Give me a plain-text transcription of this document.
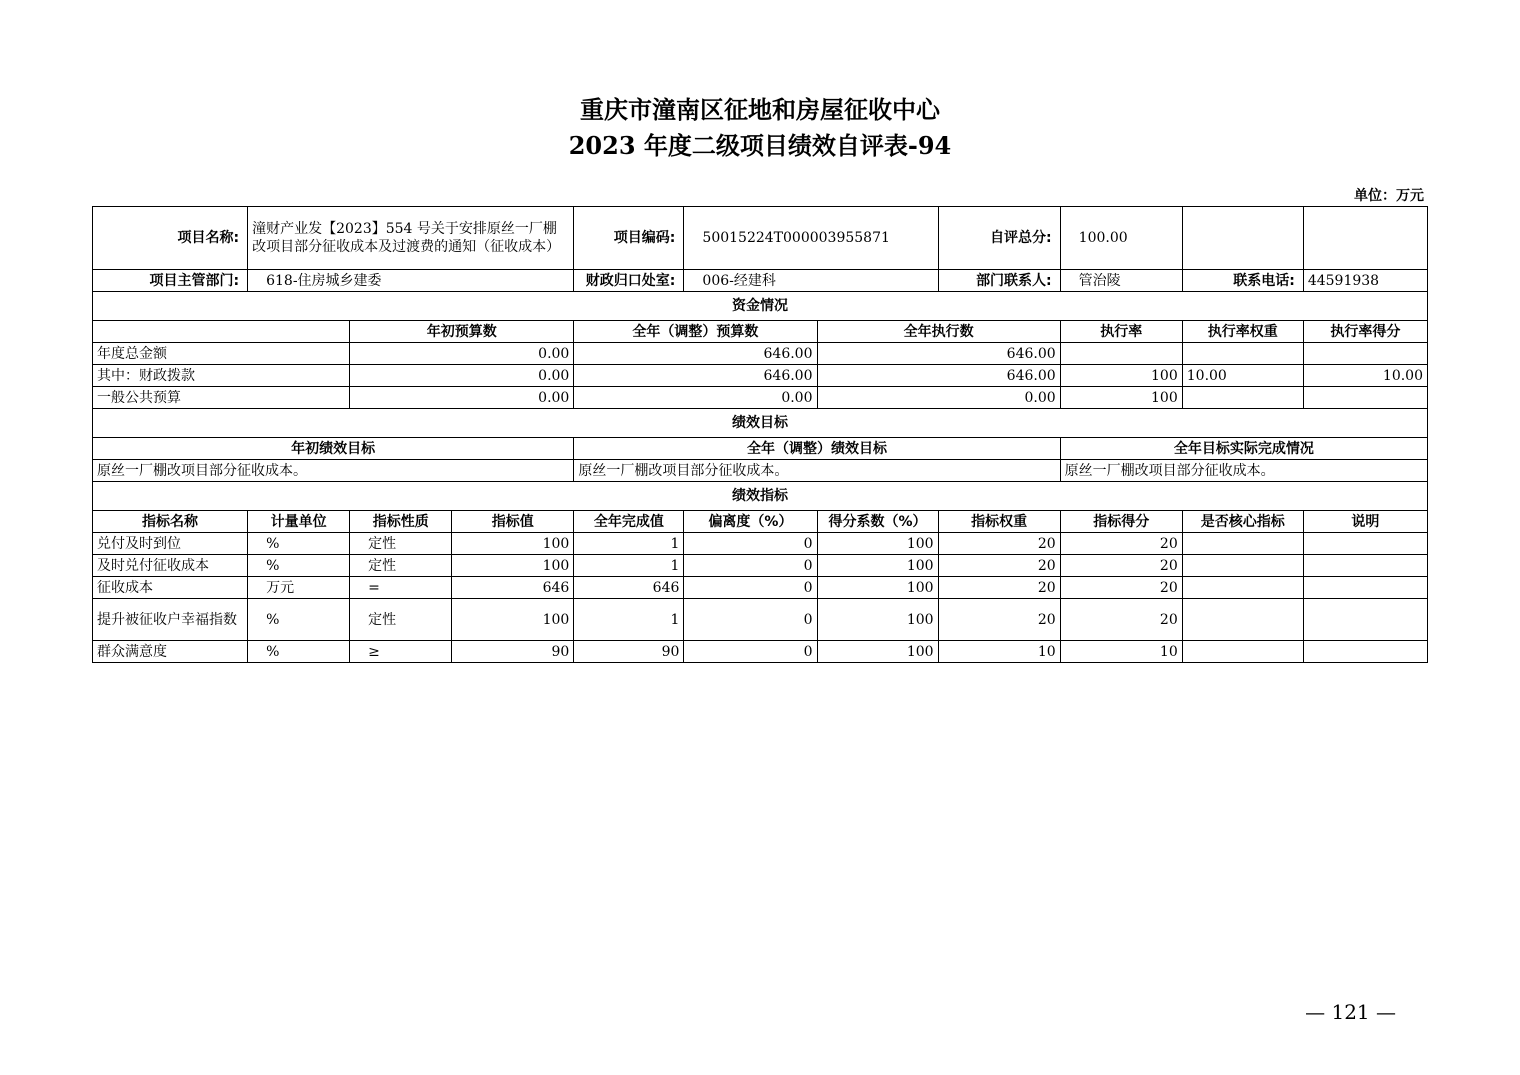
重庆市潼南区征地和房屋征收中心
2023 年度二级项目绩效自评表-94
单位：万元
项目名称:	潼财产业发【2023】554 号关于安排原丝一厂棚改项目部分征收成本及过渡费的通知（征收成本）			项目编码:	50015224T000003955871		自评总分:	100.00		
项目主管部门:	618-住房城乡建委			财政归口处室:	006-经建科		部门联系人:	管治陵	联系电话:	44591938
资金情况										
		年初预算数		全年（调整）预算数		全年执行数		执行率	执行率权重	执行率得分
年度总金额		0.00		646.00		646.00				
其中：财政拨款		0.00		646.00		646.00		100	10.00	10.00
一般公共预算		0.00		0.00		0.00		100		
绩效目标										
年初绩效目标				全年（调整）绩效目标				全年目标实际完成情况		
原丝一厂棚改项目部分征收成本。				原丝一厂棚改项目部分征收成本。				原丝一厂棚改项目部分征收成本。		
绩效指标										
指标名称	计量单位	指标性质	指标值	全年完成值	偏离度（%）	得分系数（%）	指标权重	指标得分	是否核心指标	说明
兑付及时到位	%	定性	100	1	0	100	20	20		
及时兑付征收成本	%	定性	100	1	0	100	20	20		
征收成本	万元	=	646	646	0	100	20	20		
提升被征收户幸福指数	%	定性	100	1	0	100	20	20		
群众满意度	%	≥	90	90	0	100	10	10		
— 121 —
